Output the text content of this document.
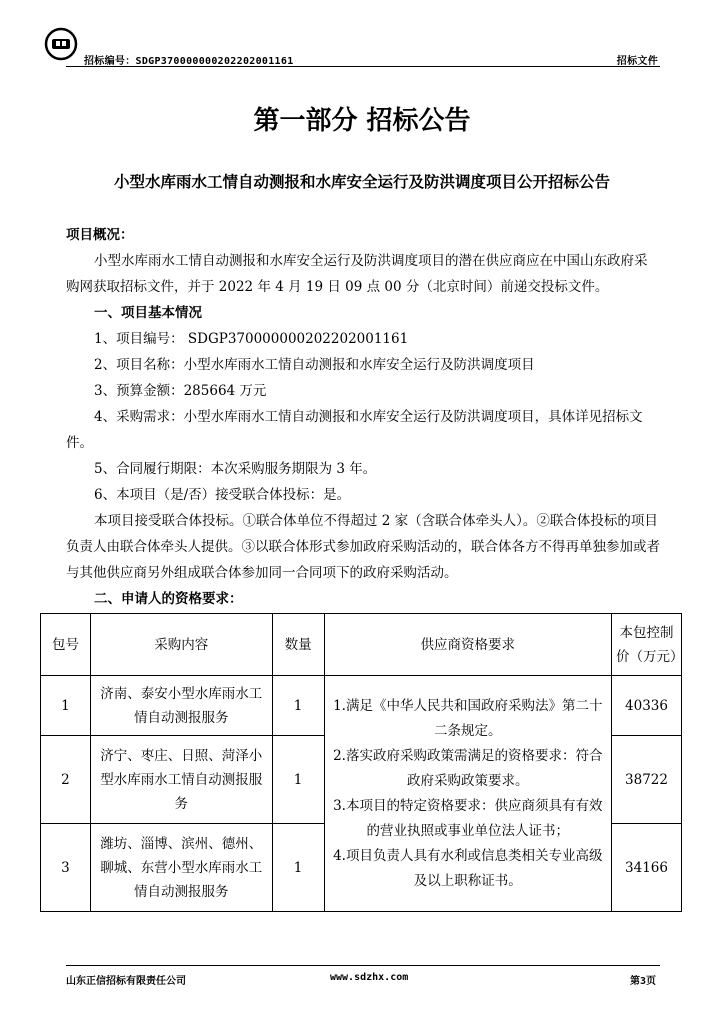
招标编号：SDGP370000000202202001161	招标文件
第一部分 招标公告
小型水库雨水工情自动测报和水库安全运行及防洪调度项目公开招标公告

项目概况：

小型水库雨水工情自动测报和水库安全运行及防洪调度项目的潜在供应商应在中国山东政府采购网获取招标文件，并于 2022 年 4 月 19 日 09 点 00 分（北京时间）前递交投标文件。

一、项目基本情况

1、项目编号： SDGP370000000202202001161

2、项目名称：小型水库雨水工情自动测报和水库安全运行及防洪调度项目

3、预算金额：285664 万元

4、采购需求：小型水库雨水工情自动测报和水库安全运行及防洪调度项目，具体详见招标文件。

5、合同履行期限：本次采购服务期限为 3 年。

6、本项目（是/否）接受联合体投标：是。

本项目接受联合体投标。①联合体单位不得超过 2 家（含联合体牵头人）。②联合体投标的项目负责人由联合体牵头人提供。③以联合体形式参加政府采购活动的，联合体各方不得再单独参加或者与其他供应商另外组成联合体参加同一合同项下的政府采购活动。

二、申请人的资格要求：

包号	采购内容	数量	供应商资格要求	本包控制价（万元）
1	济南、泰安小型水库雨水工情自动测报服务	1	1.满足《中华人民共和国政府采购法》第二十二条规定。
2.落实政府采购政策需满足的资格要求：符合政府采购政策要求。
3.本项目的特定资格要求：供应商须具有有效的营业执照或事业单位法人证书；
4.项目负责人具有水利或信息类相关专业高级及以上职称证书。	40336
2	济宁、枣庄、日照、菏泽小型水库雨水工情自动测报服务	1		38722
3	潍坊、淄博、滨州、德州、聊城、东营小型水库雨水工情自动测报服务	1		34166
山东正信招标有限责任公司	www.sdzhx.com	第3页
